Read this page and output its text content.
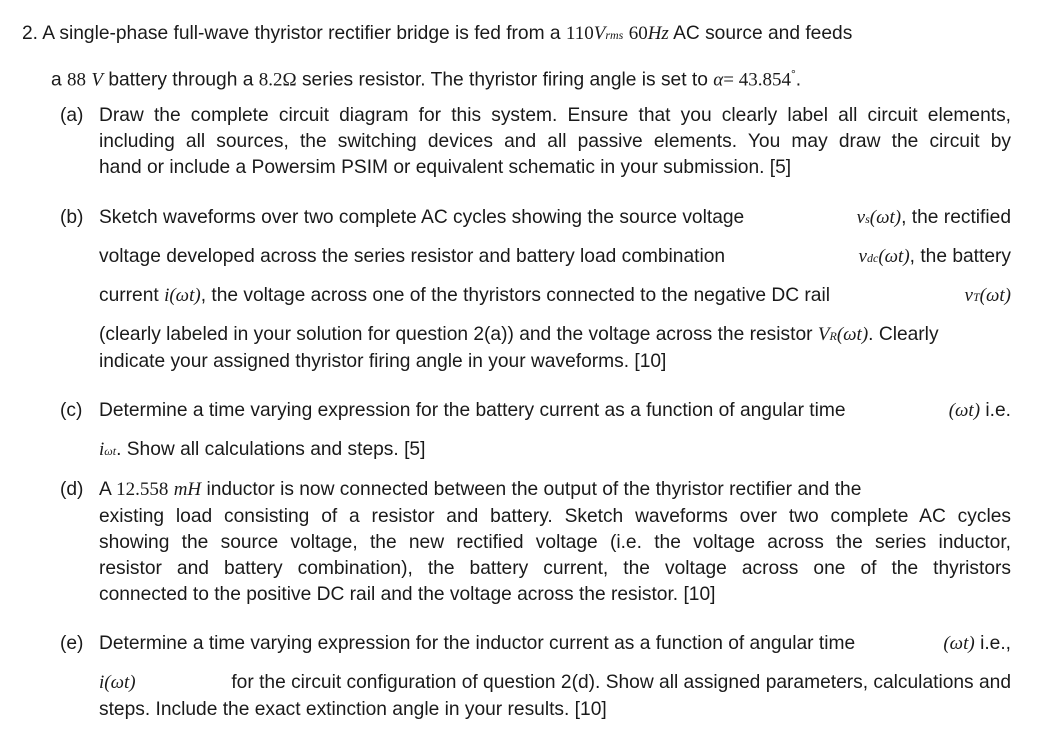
2. A single-phase full-wave thyristor rectifier bridge is fed from a 110Vrms 60Hz AC source and feeds
a 88 V battery through a 8.2Ω series resistor. The thyristor firing angle is set to α= 43.854°.
(a) Draw the complete circuit diagram for this system. Ensure that you clearly label all circuit elements,
including all sources, the switching devices and all passive elements. You may draw the circuit by
hand or include a Powersim PSIM or equivalent schematic in your submission. [5]
(b) Sketch waveforms over two complete AC cycles showing the source voltage	vs(ωt), the rectified
voltage developed across the series resistor and battery load combination	vdc(ωt), the battery
current i(ωt), the voltage across one of the thyristors connected to the negative DC rail	vT(ωt)
(clearly labeled in your solution for question 2(a)) and the voltage across the resistor VR(ωt). Clearly
indicate your assigned thyristor firing angle in your waveforms. [10]
(c) Determine a time varying expression for the battery current as a function of angular time	(ωt) i.e.
iωt. Show all calculations and steps. [5]
(d) A 12.558 mH inductor is now connected between the output of the thyristor rectifier and the
existing load consisting of a resistor and battery. Sketch waveforms over two complete AC cycles
showing the source voltage, the new rectified voltage (i.e. the voltage across the series inductor,
resistor and battery combination), the battery current, the voltage across one of the thyristors
connected to the positive DC rail and the voltage across the resistor. [10]
(e) Determine a time varying expression for the inductor current as a function of angular time	(ωt) i.e.,
i(ωt)	for the circuit configuration of question 2(d). Show all assigned parameters, calculations and
steps. Include the exact extinction angle in your results. [10]
